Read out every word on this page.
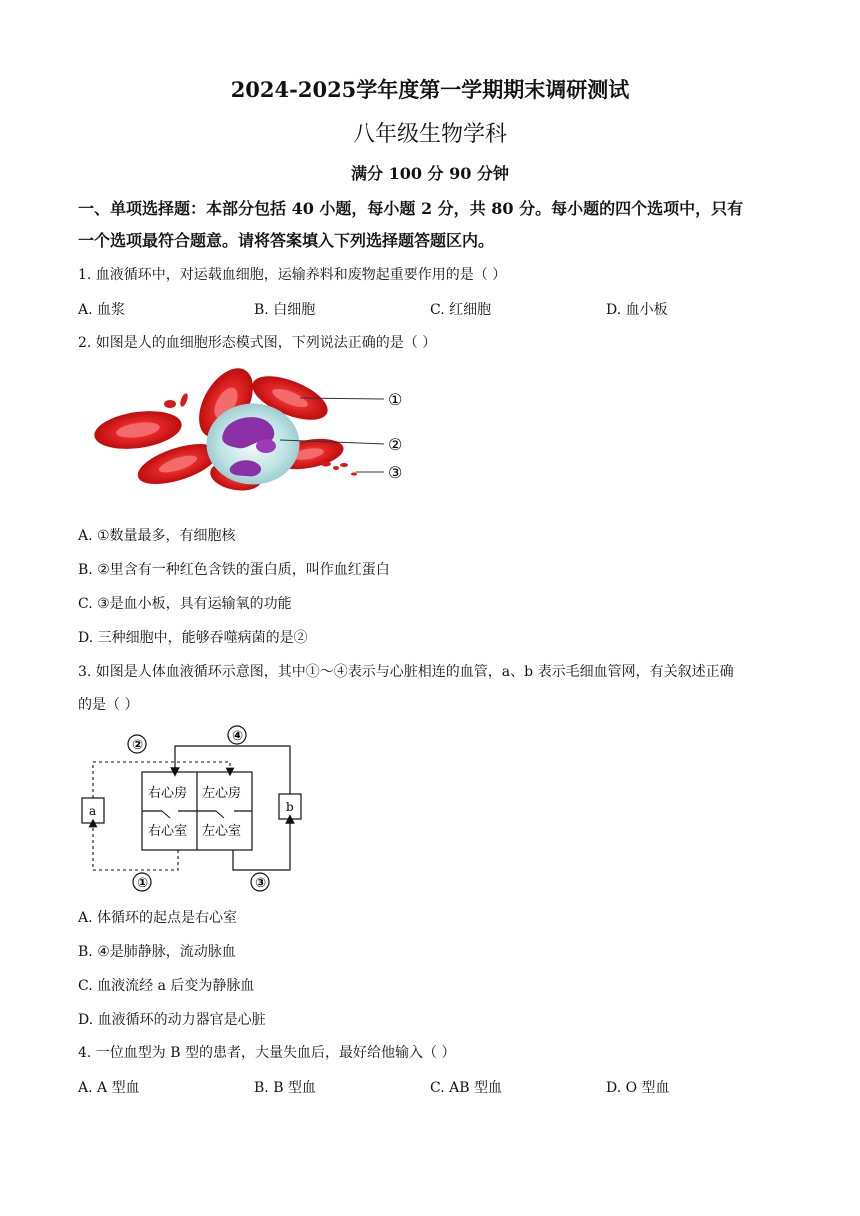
2024-2025学年度第一学期期末调研测试
八年级生物学科
满分 100 分 90 分钟
一、单项选择题：本部分包括 40 小题，每小题 2 分，共 80 分。每小题的四个选项中，只有
一个选项最符合题意。请将答案填入下列选择题答题区内。
1. 血液循环中，对运载血细胞，运输养料和废物起重要作用的是（ ）
A. 血浆	B. 白细胞	C. 红细胞	D. 血小板
2. 如图是人的血细胞形态模式图，下列说法正确的是（ ）
①
②
③
A. ①数量最多，有细胞核
B. ②里含有一种红色含铁的蛋白质，叫作血红蛋白
C. ③是血小板，具有运输氧的功能
D. 三种细胞中，能够吞噬病菌的是②
3. 如图是人体血液循环示意图，其中①～④表示与心脏相连的血管，a、b 表示毛细血管网，有关叙述正确
的是（ ）
右心房 左心房
右心室 左心室
a	b
②
④
①	③
A. 体循环的起点是右心室
B. ④是肺静脉，流动脉血
C. 血液流经 a 后变为静脉血
D. 血液循环的动力器官是心脏
4. 一位血型为 B 型的患者，大量失血后，最好给他输入（ ）
A. A 型血	B. B 型血	C. AB 型血	D. O 型血
